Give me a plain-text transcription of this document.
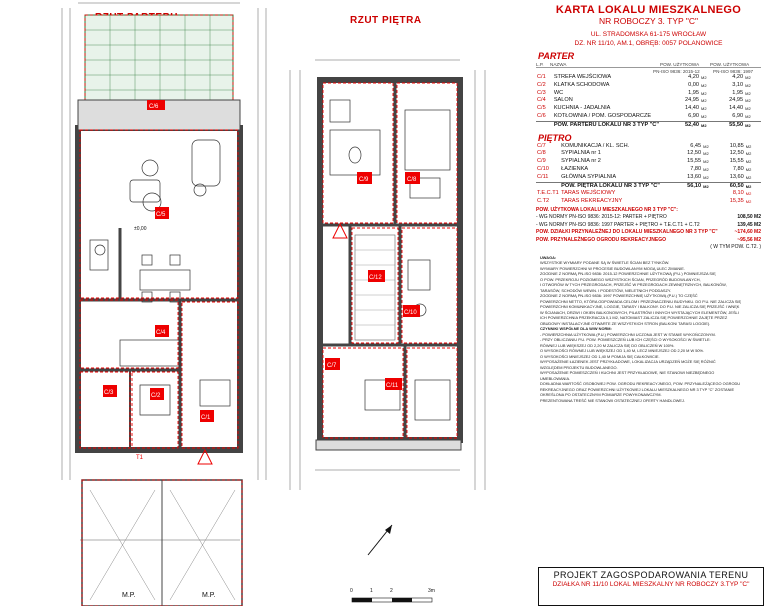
RZUT PIĘTRA
C/6
C/5
C/4
C/3	C/2
C/1
C/9	C/8
C/10
C/12
C/11
C/7
±0,00
M.P.	M.P.
0	1	2	3m
T1
KARTA LOKALU MIESZKALNEGO
NR ROBOCZY 3. TYP "C"
UL. STRADOMSKA 61-175 WROCŁAW
DZ. NR 11/10, AM.1, OBRĘB: 0057 POLANOWICE
PARTER
L.P.	NAZWA	POW. UŻYTKOWA	POW. UŻYTKOWA
PN-ISO 9836: 2015-12	PN-ISO 9836: 1997
C/1	STREFA WEJŚCIOWA	4,20	M2	4,20	M2
C/2	KLATKA SCHODOWA	0,00	M2	3,10	M2
C/3	WC	1,95	M2	1,95	M2
C/4	SALON	24,95	M2	24,95	M2
C/5	KUCHNIA - JADALNIA	14,40	M2	14,40	M2
C/6	KOTŁOWNIA / POM. GOSPODARCZE	6,90	M2	6,90	M2
	POW. PARTERU LOKALU NR 3 TYP "C"	52,40	M2	55,50	M2
PIĘTRO
C/7	KOMUNIKACJA / KL. SCH.	6,45	M2	10,85	M2
C/8	SYPIALNIA nr 1	12,50	M2	12,50	M2
C/9	SYPIALNIA nr 2	15,55	M2	15,55	M2
C/10	ŁAZIENKA	7,80	M2	7,80	M2
C/11	GŁÓWNA SYPIALNIA	13,60	M2	13,60	M2
	POW. PIĘTRA LOKALU NR 3 TYP "C"	56,10	M2	60,50	M2
T.E.C.T1	TARAS WEJŚCIOWY			8,10	M2
C.T2	TARAS REKREACYJNY			15,35	M2
POW. UŻYTKOWA LOKALU MIESZKALNEGO NR 3 TYP "C":
- WG NORMY PN-ISO 9836: 2015-12: PARTER + PIĘTRO	108,50 M2
- WG NORMY PN-ISO 9836: 1997 PARTER + PIĘTRO + T.E.C.T1 + C.T2	139,45 M2
POW. DZIAŁKI PRZYNALEŻNEJ DO LOKALU MIESZKALNEGO NR 3 TYP "C"	~174,60 M2
POW. PRZYNALEŻNEGO OGRODU REKREACYJNEGO	~95,56 M2
( W TYM POW. C.T2. )
UWAGA:
WSZYSTKIE WYMIARY PODANE SĄ W ŚWIETLE ŚCIAN BEZ TYNKÓW.
WYMIARY POWIERZCHNI W PROCESIE BUDOWLANYM MOGĄ ULEC ZMIANIE.
ZGODNIE Z NORMĄ PN-ISO 9836: 2015-12 POWIERZCHNIE UŻYTKOWĄ (P.U.) POMNIEJSZA SIĘ
O POW. PRZEKROJU POZIOMEGO WSZYSTKICH ŚCIAN, PRZEGRÓD BUDOWLANYCH,
I OTWORÓW W TYCH PRZEGRODACH, PRZEJŚĆ W PRZEGRODACH ZEWNĘTRZNYCH, BALKONÓW,
TARASÓW, SCHODÓW WEWN. I PODESTÓW, NIELETNICH PODDASZY.
ZGODNIE Z NORMĄ PN-ISO 9836: 1997 POWIERZCHNIĘ UŻYTKOWĄ (P.U.) TO CZĘŚĆ
POWIERZCHNI NETTO, KTÓRA ODPOWIADA CELOM I PRZEZNACZENIU BUDYNKU. DO P.U. NIE ZALICZA SIĘ
POWIERZCHNI KOMUNIKACYJNE, LOGGIE, TARASY I BALKONY. DO P.U. NIE ZALICZA SIĘ PRZEJŚĆ I WNĘK
W ŚCIANACH, DRZWI I OKIEN BALKONOWYCH, PILASTRÓW I INNYCH WYSTAJĄCYCH ELEMENTÓW, JEŚLI
ICH POWIERZCHNIA PRZEKRACZA 0,1 M2, NATOMIAST ZALICZA SIĘ POWIERZCHNIE ZAJĘTE PRZEZ
OBUDOWY INSTALACYJNE OTWARTE ZE WSZYSTKICH STRON (BALKON/ TARAS/ LOGGIE).
CZYNNIKI WSPÓŁNE DLA W/W NORM:
- POWIERZCHNIA UŻYTKOWA (P.U.) POWIERZCHNI UCZONA JEST W STANIE WYKOŃCZONYM.
- PRZY OBLICZANIU P.U. POW. POMIESZCZEŃ LUB ICH CZĘŚCI O WYSOKOŚCI W ŚWIETLE:
RÓWNEJ LUB WIĘKSZEJ OD 2,20 M ZALICZA SIĘ DO OBLICZEŃ W 100%.
O WYSOKOŚCI RÓWNEJ LUB WIĘKSZEJ OD 1,40 M, LECZ MNIEJSZEJ OD 2,20 M W 50%.
O WYSOKOŚCI MNIEJSZEJ OD 1,40 M POMIJA SIĘ CAŁKOWICIE.
WYPOSAŻENIE ŁAZIENEK JEST PRZYKŁADOWE, LOKALIZACJA URZĄDZEŃ MOŻE SIĘ RÓŻNIĆ
WZGLĘDEM PROJEKTU BUDOWLANEGO.
WYPOSAŻENIE POMIESZCZEŃ I KUCHNI JEST PRZYKŁADOWE, NIE STANOWI NIEZBĘDNEGO
UMEBLOWANIA.
DOKŁADNA WARTOŚĆ OSOBOWEJ POW. OGRODU REKREACYJNEGO, POW. PRZYNALEŻĄCEGO OGRODU
REKREACYJNEGO ORAZ POWIERZCHNI UŻYTKOWEJ LOKALU MIESZKALNEGO NR 3 TYP "C" ZOSTANIE
OKREŚLONA PO OSTATECZNYM POMIARZE POWYKONAWCZYM.
PREZENTOWANA TREŚĆ NIE STANOWI OSTATECZNEJ OFERTY HANDLOWEJ.
PROJEKT ZAGOSPODAROWANIA TERENU
DZIAŁKA NR 11/10 LOKAL MIESZKALNY NR ROBOCZY 3.TYP "C"
